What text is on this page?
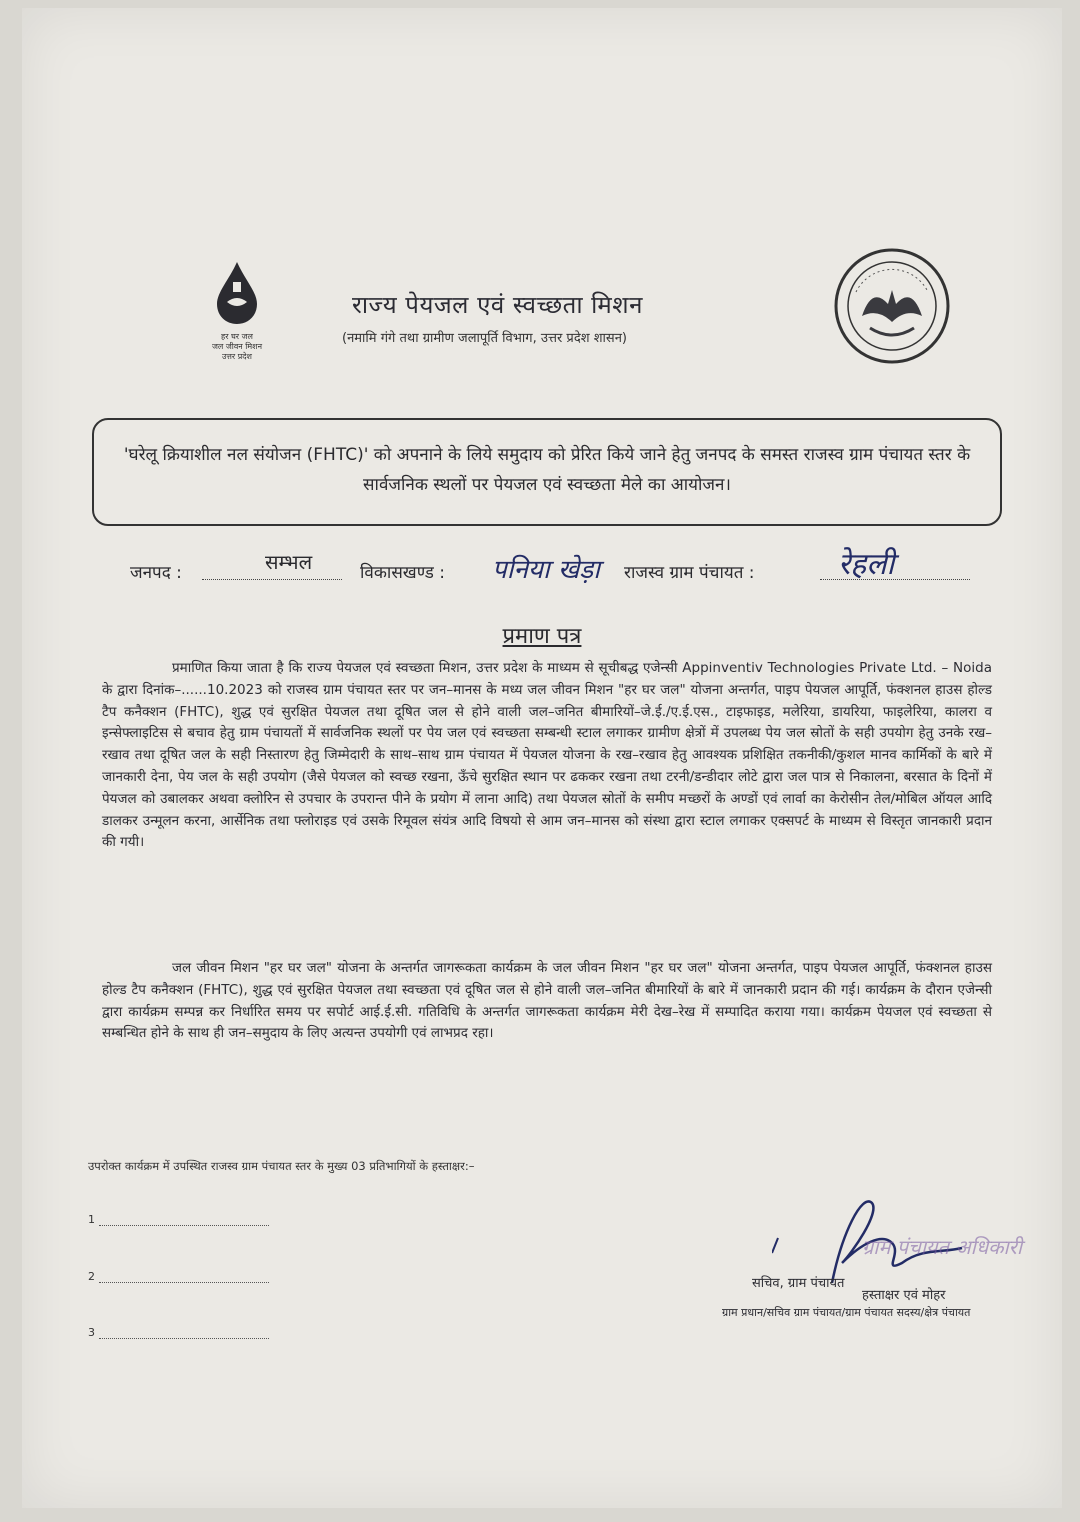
हर घर जल
जल जीवन मिशन
उत्तर प्रदेश
राज्य पेयजल एवं स्वच्छता मिशन
(नमामि गंगे तथा ग्रामीण जलापूर्ति विभाग, उत्तर प्रदेश शासन)
'घरेलू क्रियाशील नल संयोजन (FHTC)' को अपनाने के लिये समुदाय को प्रेरित किये जाने हेतु जनपद के समस्त राजस्व ग्राम पंचायत स्तर के सार्वजनिक स्थलों पर पेयजल एवं स्वच्छता मेले का आयोजन।
जनपद :	सम्भल	विकासखण्ड : पनिया खेड़ा राजस्व ग्राम पंचायत :	रेहली
प्रमाण पत्र
प्रमाणित किया जाता है कि राज्य पेयजल एवं स्वच्छता मिशन, उत्तर प्रदेश के माध्यम से सूचीबद्ध एजेन्सी Appinventiv Technologies Private Ltd. – Noida के द्वारा दिनांक–......10.2023 को राजस्व ग्राम पंचायत स्तर पर जन–मानस के मध्य जल जीवन मिशन "हर घर जल" योजना अन्तर्गत, पाइप पेयजल आपूर्ति, फंक्शनल हाउस होल्ड टैप कनैक्शन (FHTC), शुद्ध एवं सुरक्षित पेयजल तथा दूषित जल से होने वाली जल–जनित बीमारियों–जे.ई./ए.ई.एस., टाइफाइड, मलेरिया, डायरिया, फाइलेरिया, कालरा व इन्सेफ्लाइटिस से बचाव हेतु ग्राम पंचायतों में सार्वजनिक स्थलों पर पेय जल एवं स्वच्छता सम्बन्धी स्टाल लगाकर ग्रामीण क्षेत्रों में उपलब्ध पेय जल स्रोतों के सही उपयोग हेतु उनके रख–रखाव तथा दूषित जल के सही निस्तारण हेतु जिम्मेदारी के साथ–साथ ग्राम पंचायत में पेयजल योजना के रख–रखाव हेतु आवश्यक प्रशिक्षित तकनीकी/कुशल मानव कार्मिकों के बारे में जानकारी देना, पेय जल के सही उपयोग (जैसे पेयजल को स्वच्छ रखना, ऊँचे सुरक्षित स्थान पर ढककर रखना तथा टरनी/डन्डीदार लोटे द्वारा जल पात्र से निकालना, बरसात के दिनों में पेयजल को उबालकर अथवा क्लोरिन से उपचार के उपरान्त पीने के प्रयोग में लाना आदि) तथा पेयजल स्रोतों के समीप मच्छरों के अण्डों एवं लार्वा का केरोसीन तेल/मोबिल ऑयल आदि डालकर उन्मूलन करना, आर्सेनिक तथा फ्लोराइड एवं उसके रिमूवल संयंत्र आदि विषयो से आम जन–मानस को संस्था द्वारा स्टाल लगाकर एक्सपर्ट के माध्यम से विस्तृत जानकारी प्रदान की गयी।
जल जीवन मिशन "हर घर जल" योजना के अन्तर्गत जागरूकता कार्यक्रम के जल जीवन मिशन "हर घर जल" योजना अन्तर्गत, पाइप पेयजल आपूर्ति, फंक्शनल हाउस होल्ड टैप कनैक्शन (FHTC), शुद्ध एवं सुरक्षित पेयजल तथा स्वच्छता एवं दूषित जल से होने वाली जल–जनित बीमारियों के बारे में जानकारी प्रदान की गई। कार्यक्रम के दौरान एजेन्सी द्वारा कार्यक्रम सम्पन्न कर निर्धारित समय पर सपोर्ट आई.ई.सी. गतिविधि के अन्तर्गत जागरूकता कार्यक्रम मेरी देख–रेख में सम्पादित कराया गया। कार्यक्रम पेयजल एवं स्वच्छता से सम्बन्धित होने के साथ ही जन–समुदाय के लिए अत्यन्त उपयोगी एवं लाभप्रद रहा।
उपरोक्त कार्यक्रम में उपस्थित राजस्व ग्राम पंचायत स्तर के मुख्य 03 प्रतिभागियों के हस्ताक्षर:–
1
2
3
ग्राम पंचायत अधिकारी
सचिव, ग्राम पंचायत
हस्ताक्षर एवं मोहर
ग्राम प्रधान/सचिव ग्राम पंचायत/ग्राम पंचायत सदस्य/क्षेत्र पंचायत
